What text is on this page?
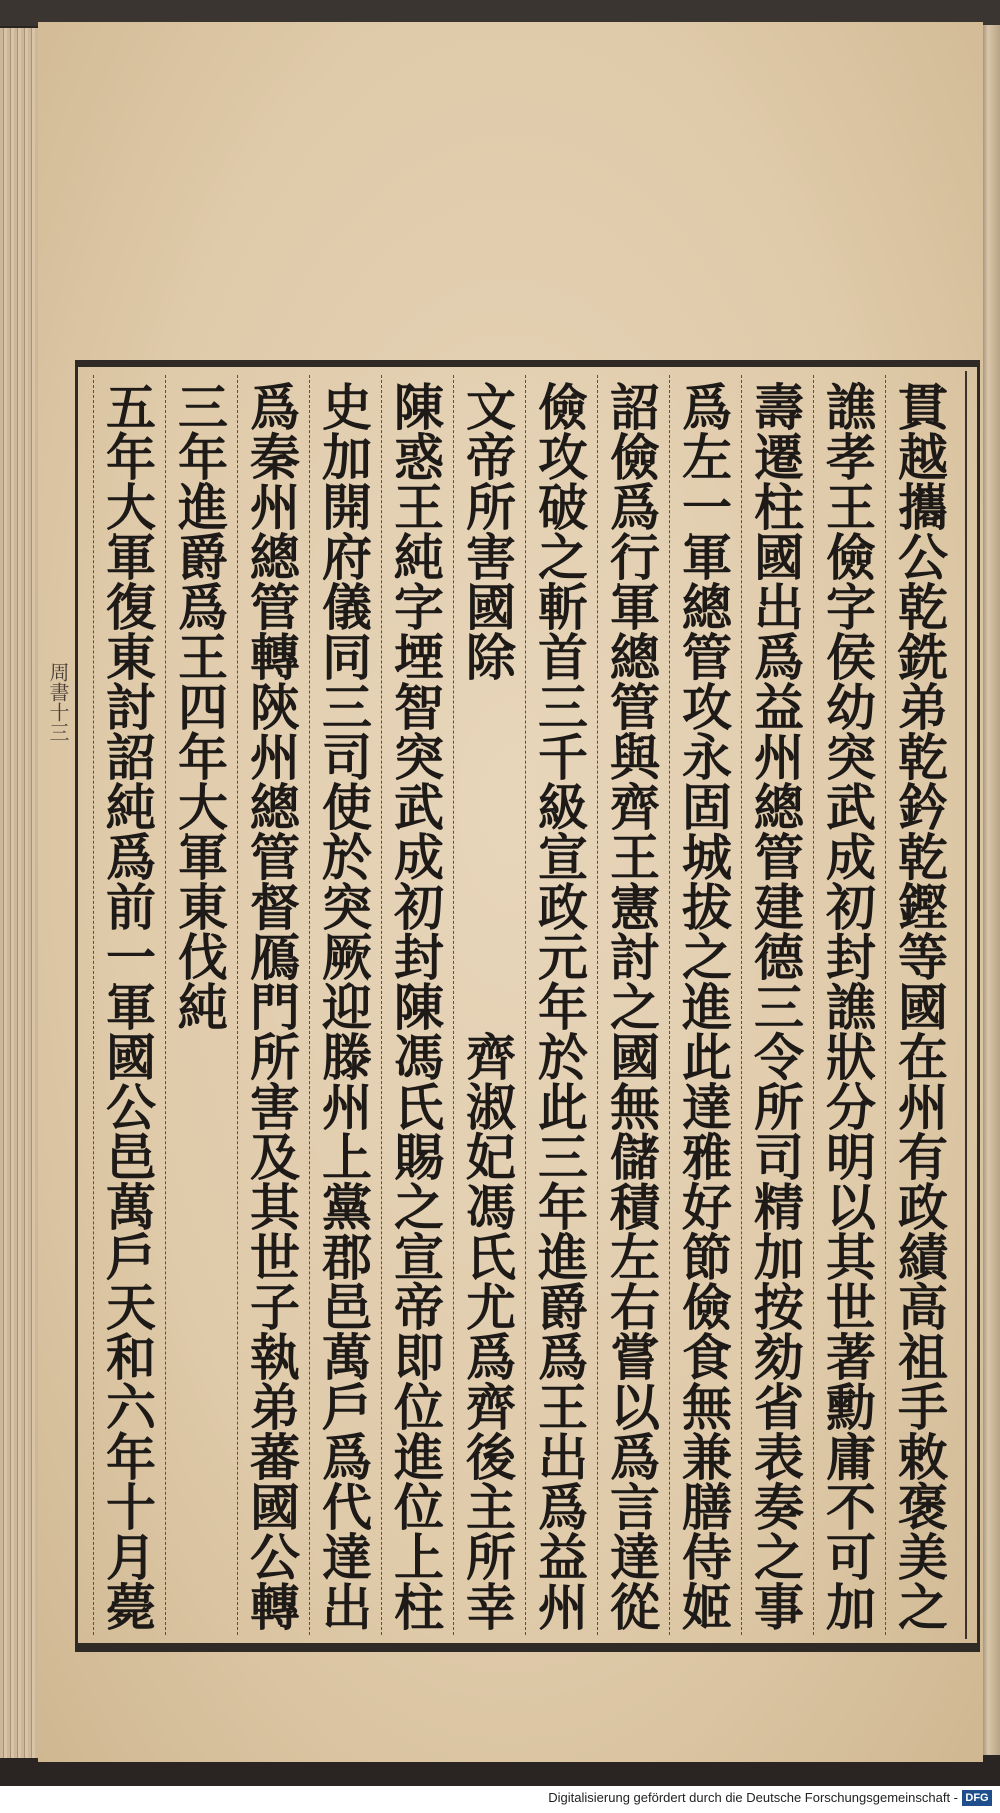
周書十三	貫越攜公乾銑弟乾鈐乾鏗等國在州有政績高祖手敕褒美之
譙孝王儉字侯幼突武成初封譙狀分明以其世著勳庸不可加
壽遷柱國出爲益州總管建德三令所司精加按劾省表奏之事
爲左一軍總管攻永固城拔之進此達雅好節儉食無兼膳侍姬
詔儉爲行軍總管與齊王憲討之國無儲積左右嘗以爲言達從
儉攻破之斬首三千級宣政元年於此三年進爵爲王出爲益州
文帝所害國除　　　　　　　齊淑妃馮氏尤爲齊後主所幸
陳惑王純字堙智突武成初封陳馮氏賜之宣帝即位進位上柱
史加開府儀同三司使於突厥迎滕州上黨郡邑萬戶爲代達出
爲秦州總管轉陝州總管督鴈門所害及其世子執弟蕃國公轉
三年進爵爲王四年大軍東伐純
五年大軍復東討詔純爲前一軍國公邑萬戶天和六年十月薨
Digitalisierung gefördert durch die Deutsche Forschungsgemeinschaft - DFG
